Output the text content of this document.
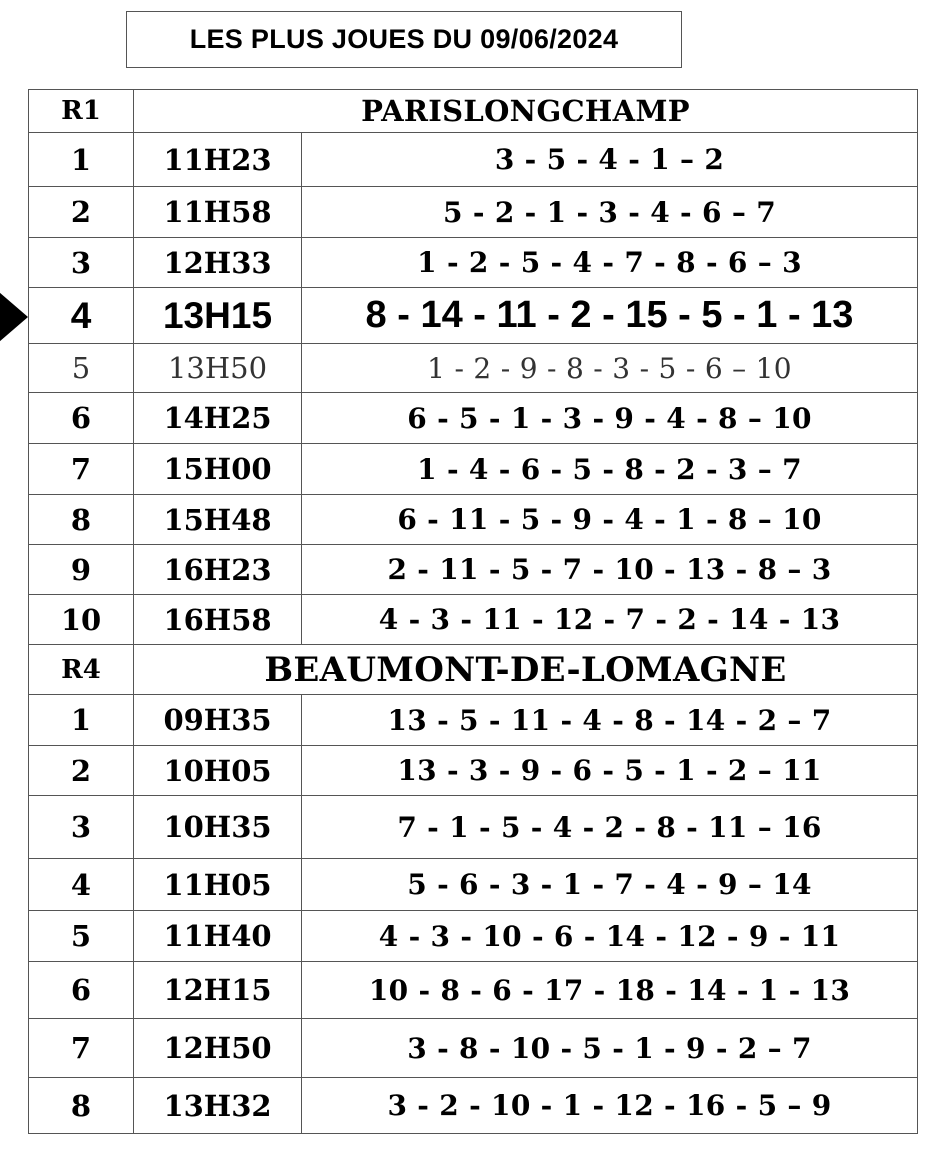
LES PLUS JOUES DU 09/06/2024
R1	PARISLONGCHAMP	
1	11H23	3 - 5 - 4 - 1 – 2
2	11H58	5 - 2 - 1 - 3 - 4 - 6 – 7
3	12H33	1 - 2 - 5 - 4 - 7 - 8 - 6 – 3
4	13H15	8 - 14 - 11 - 2 - 15 - 5 - 1 - 13
5	13H50	1 - 2 - 9 - 8 - 3 - 5 - 6 – 10
6	14H25	6 - 5 - 1 - 3 - 9 - 4 - 8 – 10
7	15H00	1 - 4 - 6 - 5 - 8 - 2 - 3 – 7
8	15H48	6 - 11 - 5 - 9 - 4 - 1 - 8 – 10
9	16H23	2 - 11 - 5 - 7 - 10 - 13 - 8 – 3
10	16H58	4 - 3 - 11 - 12 - 7 - 2 - 14 - 13
R4	BEAUMONT-DE-LOMAGNE	
1	09H35	13 - 5 - 11 - 4 - 8 - 14 - 2 – 7
2	10H05	13 - 3 - 9 - 6 - 5 - 1 - 2 – 11
3	10H35	7 - 1 - 5 - 4 - 2 - 8 - 11 – 16
4	11H05	5 - 6 - 3 - 1 - 7 - 4 - 9 – 14
5	11H40	4 - 3 - 10 - 6 - 14 - 12 - 9 - 11
6	12H15	10 - 8 - 6 - 17 - 18 - 14 - 1 - 13
7	12H50	3 - 8 - 10 - 5 - 1 - 9 - 2 – 7
8	13H32	3 - 2 - 10 - 1 - 12 - 16 - 5 – 9
